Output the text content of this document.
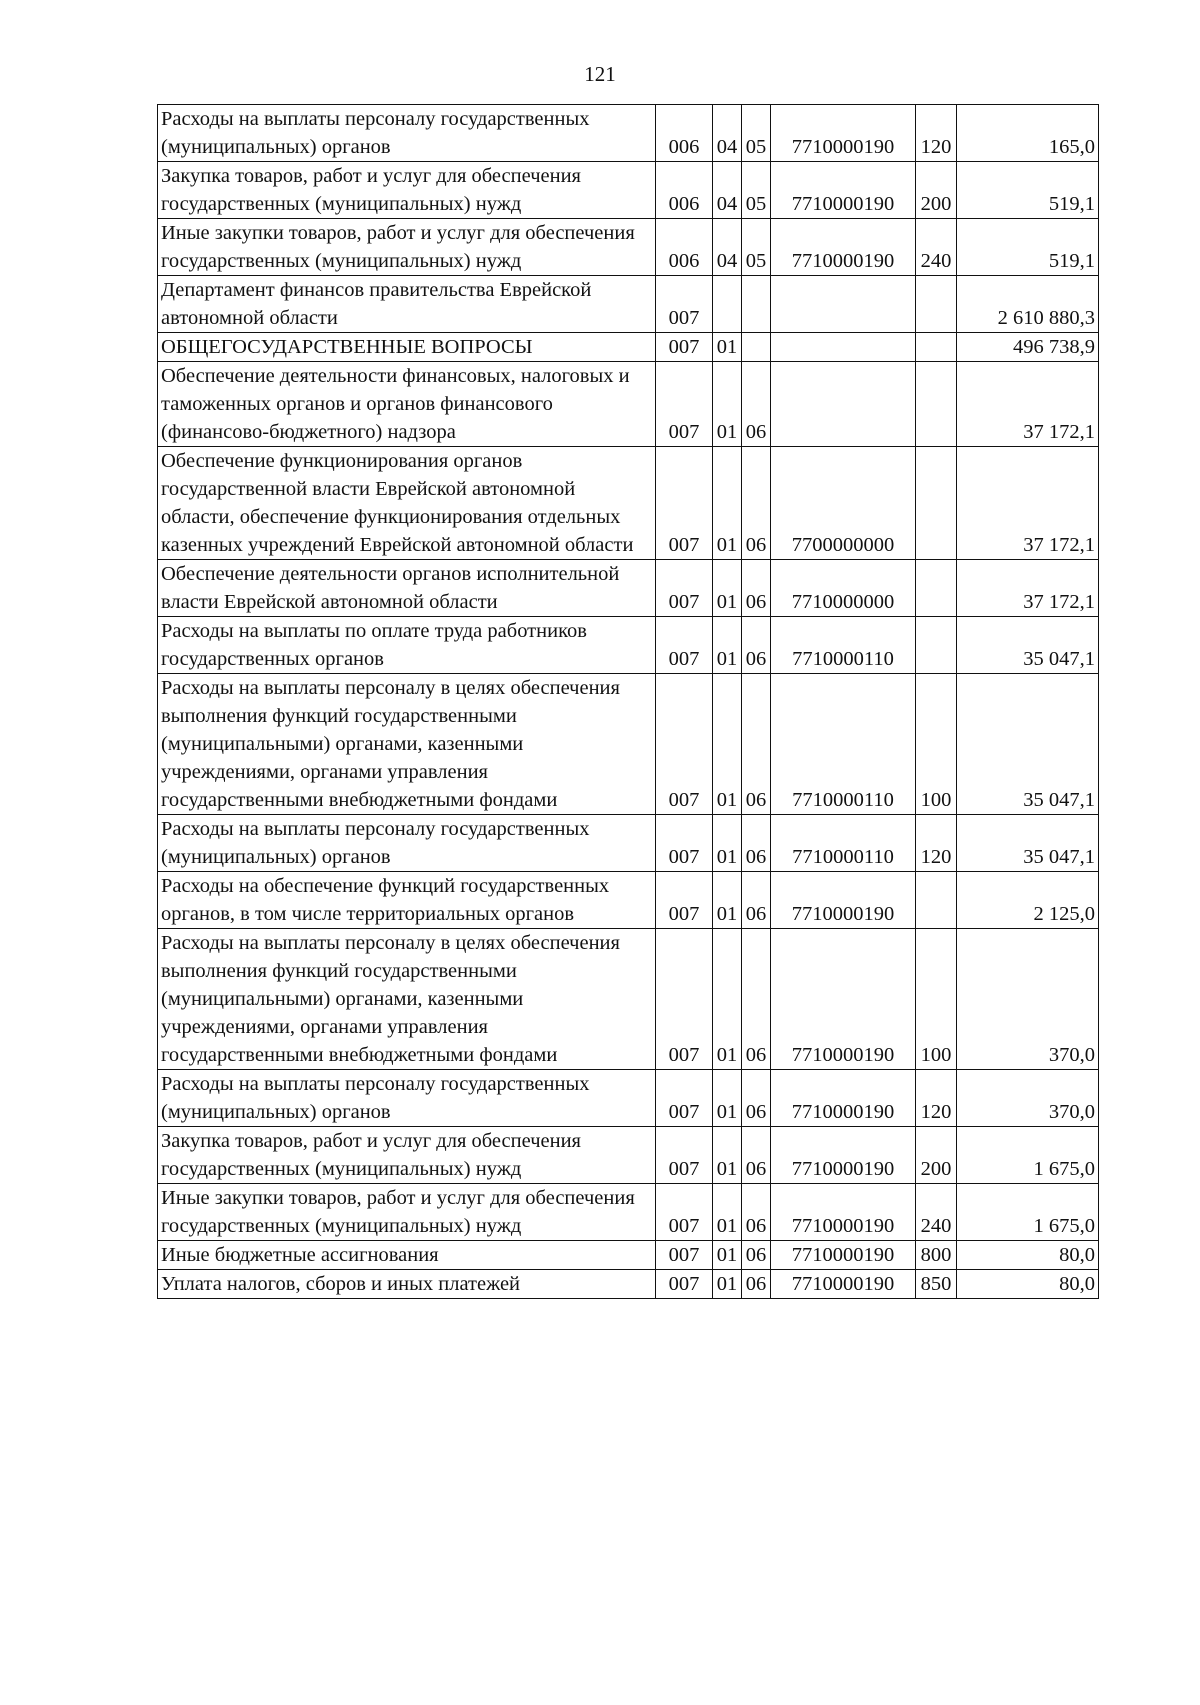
121
Расходы на выплаты персоналу государственных (муниципальных) органов	006	04	05	7710000190	120	165,0
Закупка товаров, работ и услуг для обеспечения государственных (муниципальных) нужд	006	04	05	7710000190	200	519,1
Иные закупки товаров, работ и услуг для обеспечения государственных (муниципальных) нужд	006	04	05	7710000190	240	519,1
Департамент финансов правительства Еврейской автономной области	007					2 610 880,3
ОБЩЕГОСУДАРСТВЕННЫЕ ВОПРОСЫ	007	01				496 738,9
Обеспечение деятельности финансовых, налоговых и таможенных органов и органов финансового (финансово-бюджетного) надзора	007	01	06			37 172,1
Обеспечение функционирования органов государственной власти Еврейской автономной области, обеспечение функционирования отдельных казенных учреждений Еврейской автономной области	007	01	06	7700000000		37 172,1
Обеспечение деятельности органов исполнительной власти Еврейской автономной области	007	01	06	7710000000		37 172,1
Расходы на выплаты по оплате труда работников государственных органов	007	01	06	7710000110		35 047,1
Расходы на выплаты персоналу в целях обеспечения выполнения функций государственными (муниципальными) органами, казенными учреждениями, органами управления государственными внебюджетными фондами	007	01	06	7710000110	100	35 047,1
Расходы на выплаты персоналу государственных (муниципальных) органов	007	01	06	7710000110	120	35 047,1
Расходы на обеспечение функций государственных органов, в том числе территориальных органов	007	01	06	7710000190		2 125,0
Расходы на выплаты персоналу в целях обеспечения выполнения функций государственными (муниципальными) органами, казенными учреждениями, органами управления государственными внебюджетными фондами	007	01	06	7710000190	100	370,0
Расходы на выплаты персоналу государственных (муниципальных) органов	007	01	06	7710000190	120	370,0
Закупка товаров, работ и услуг для обеспечения государственных (муниципальных) нужд	007	01	06	7710000190	200	1 675,0
Иные закупки товаров, работ и услуг для обеспечения государственных (муниципальных) нужд	007	01	06	7710000190	240	1 675,0
Иные бюджетные ассигнования	007	01	06	7710000190	800	80,0
Уплата налогов, сборов и иных платежей	007	01	06	7710000190	850	80,0
